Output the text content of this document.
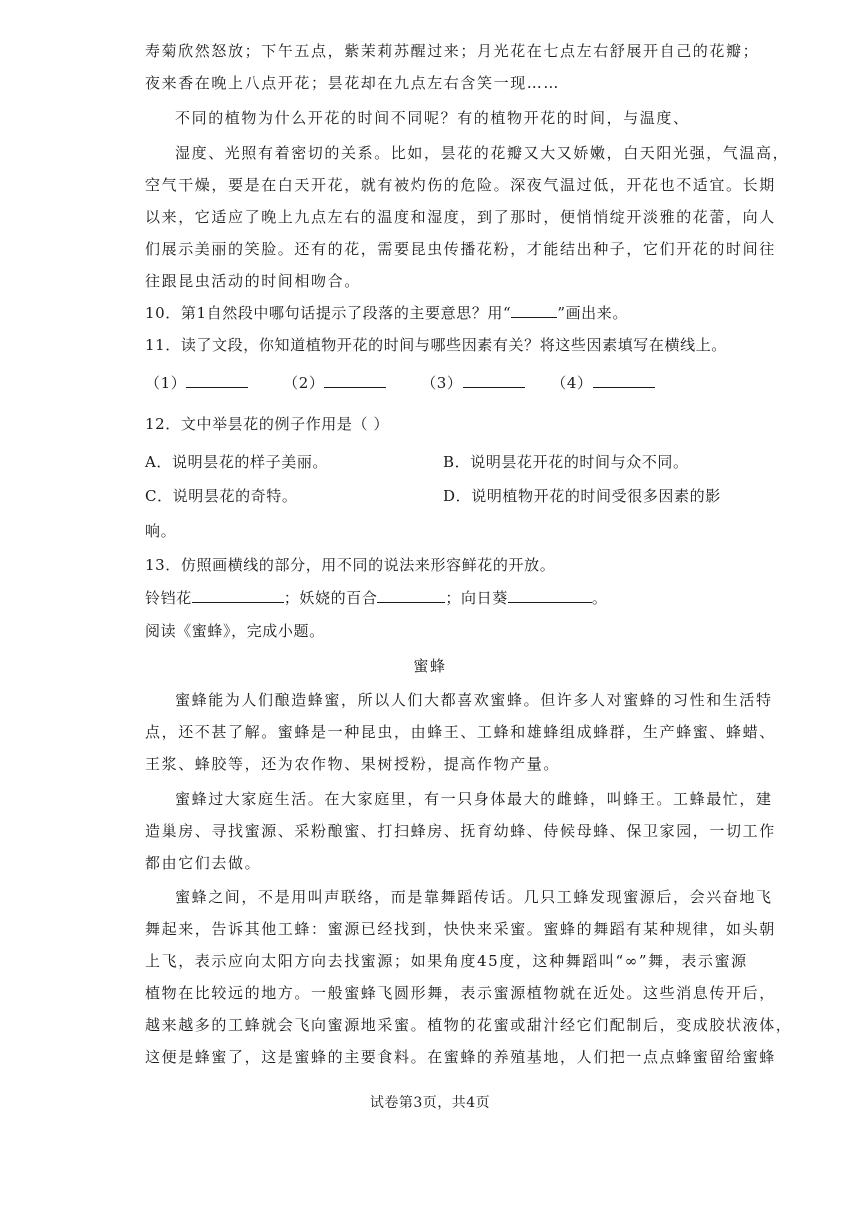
寿菊欣然怒放；下午五点，紫茉莉苏醒过来；月光花在七点左右舒展开自己的花瓣；
夜来香在晚上八点开花；昙花却在九点左右含笑一现……
不同的植物为什么开花的时间不同呢？有的植物开花的时间，与温度、
湿度、光照有着密切的关系。比如，昙花的花瓣又大又娇嫩，白天阳光强，气温高，
空气干燥，要是在白天开花，就有被灼伤的危险。深夜气温过低，开花也不适宜。长期
以来，它适应了晚上九点左右的温度和湿度，到了那时，便悄悄绽开淡雅的花蕾，向人
们展示美丽的笑脸。还有的花，需要昆虫传播花粉，才能结出种子，它们开花的时间往
往跟昆虫活动的时间相吻合。
10．第1自然段中哪句话提示了段落的主要意思？用“	”画出来。
11．读了文段，你知道植物开花的时间与哪些因素有关？将这些因素填写在横线上。
（1）	（2）	（3）	（4）
12．文中举昙花的例子作用是（ ）
A．说明昙花的样子美丽。	B．说明昙花开花的时间与众不同。
C．说明昙花的奇特。	D．说明植物开花的时间受很多因素的影
响。
13．仿照画横线的部分，用不同的说法来形容鲜花的开放。
铃铛花	；妖娆的百合	；向日葵	。
阅读《蜜蜂》，完成小题。
蜜蜂
蜜蜂能为人们酿造蜂蜜，所以人们大都喜欢蜜蜂。但许多人对蜜蜂的习性和生活特
点，还不甚了解。蜜蜂是一种昆虫，由蜂王、工蜂和雄蜂组成蜂群，生产蜂蜜、蜂蜡、
王浆、蜂胶等，还为农作物、果树授粉，提高作物产量。
蜜蜂过大家庭生活。在大家庭里，有一只身体最大的雌蜂，叫蜂王。工蜂最忙，建
造巢房、寻找蜜源、采粉酿蜜、打扫蜂房、抚育幼蜂、侍候母蜂、保卫家园，一切工作
都由它们去做。
蜜蜂之间，不是用叫声联络，而是靠舞蹈传话。几只工蜂发现蜜源后，会兴奋地飞
舞起来，告诉其他工蜂：蜜源已经找到，快快来采蜜。蜜蜂的舞蹈有某种规律，如头朝
上飞，表示应向太阳方向去找蜜源；如果角度45度，这种舞蹈叫“∞”舞，表示蜜源
植物在比较远的地方。一般蜜蜂飞圆形舞，表示蜜源植物就在近处。这些消息传开后，
越来越多的工蜂就会飞向蜜源地采蜜。植物的花蜜或甜汁经它们配制后，变成胶状液体，
这便是蜂蜜了，这是蜜蜂的主要食料。在蜜蜂的养殖基地，人们把一点点蜂蜜留给蜜蜂
试卷第3页，共4页
